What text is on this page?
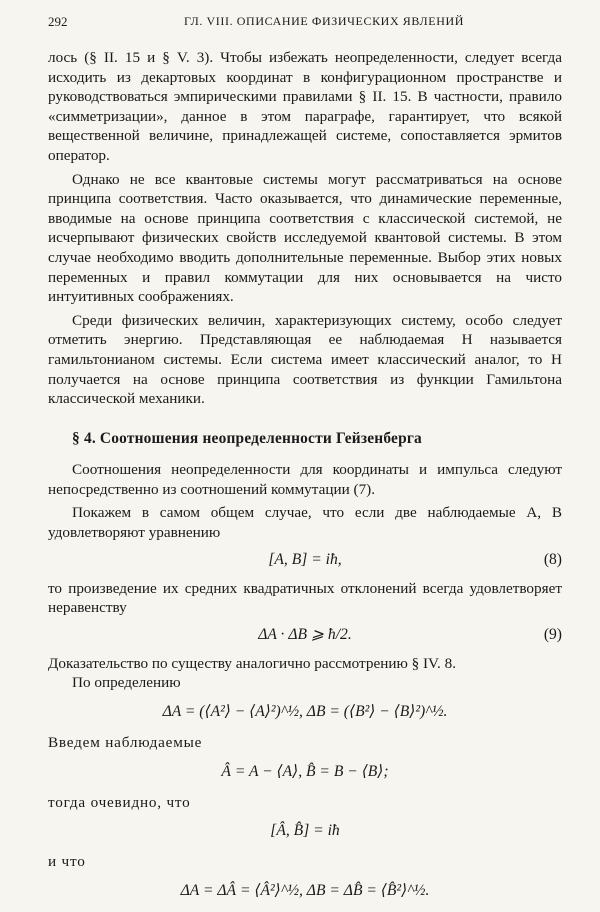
292	ГЛ. VIII. ОПИСАНИЕ ФИЗИЧЕСКИХ ЯВЛЕНИЙ

лось (§ II. 15 и § V. 3). Чтобы избежать неопределенности, следует всегда исходить из декартовых координат в конфигурационном пространстве и руководствоваться эмпирическими правилами § II. 15. В частности, правило «симметризации», данное в этом параграфе, гарантирует, что всякой вещественной величине, принадлежащей системе, сопоставляется эрмитов оператор.

Однако не все квантовые системы могут рассматриваться на основе принципа соответствия. Часто оказывается, что динамические переменные, вводимые на основе принципа соответствия с классической системой, не исчерпывают физических свойств исследуемой квантовой системы. В этом случае необходимо вводить дополнительные переменные. Выбор этих новых переменных и правил коммутации для них основывается на чисто интуитивных соображениях.

Среди физических величин, характеризующих систему, особо следует отметить энергию. Представляющая ее наблюдаемая H называется гамильтонианом системы. Если система имеет классический аналог, то H получается на основе принципа соответствия из функции Гамильтона классической механики.

§ 4. Соотношения неопределенности Гейзенберга

Соотношения неопределенности для координаты и импульса следуют непосредственно из соотношений коммутации (7).

Покажем в самом общем случае, что если две наблюдаемые A, B удовлетворяют уравнению

[A, B] = iħ,	(8)

то произведение их средних квадратичных отклонений всегда удовлетворяет неравенству

ΔA · ΔB ⩾ ħ/2.	(9)

Доказательство по существу аналогично рассмотрению § IV. 8.

По определению

ΔA = (⟨A²⟩ − ⟨A⟩²)^½, ΔB = (⟨B²⟩ − ⟨B⟩²)^½.

Введем наблюдаемые

Â = A − ⟨A⟩, B̂ = B − ⟨B⟩;

тогда очевидно, что

[Â, B̂] = iħ

и что

ΔA = ΔÂ = ⟨Â²⟩^½, ΔB = ΔB̂ = ⟨B̂²⟩^½.
